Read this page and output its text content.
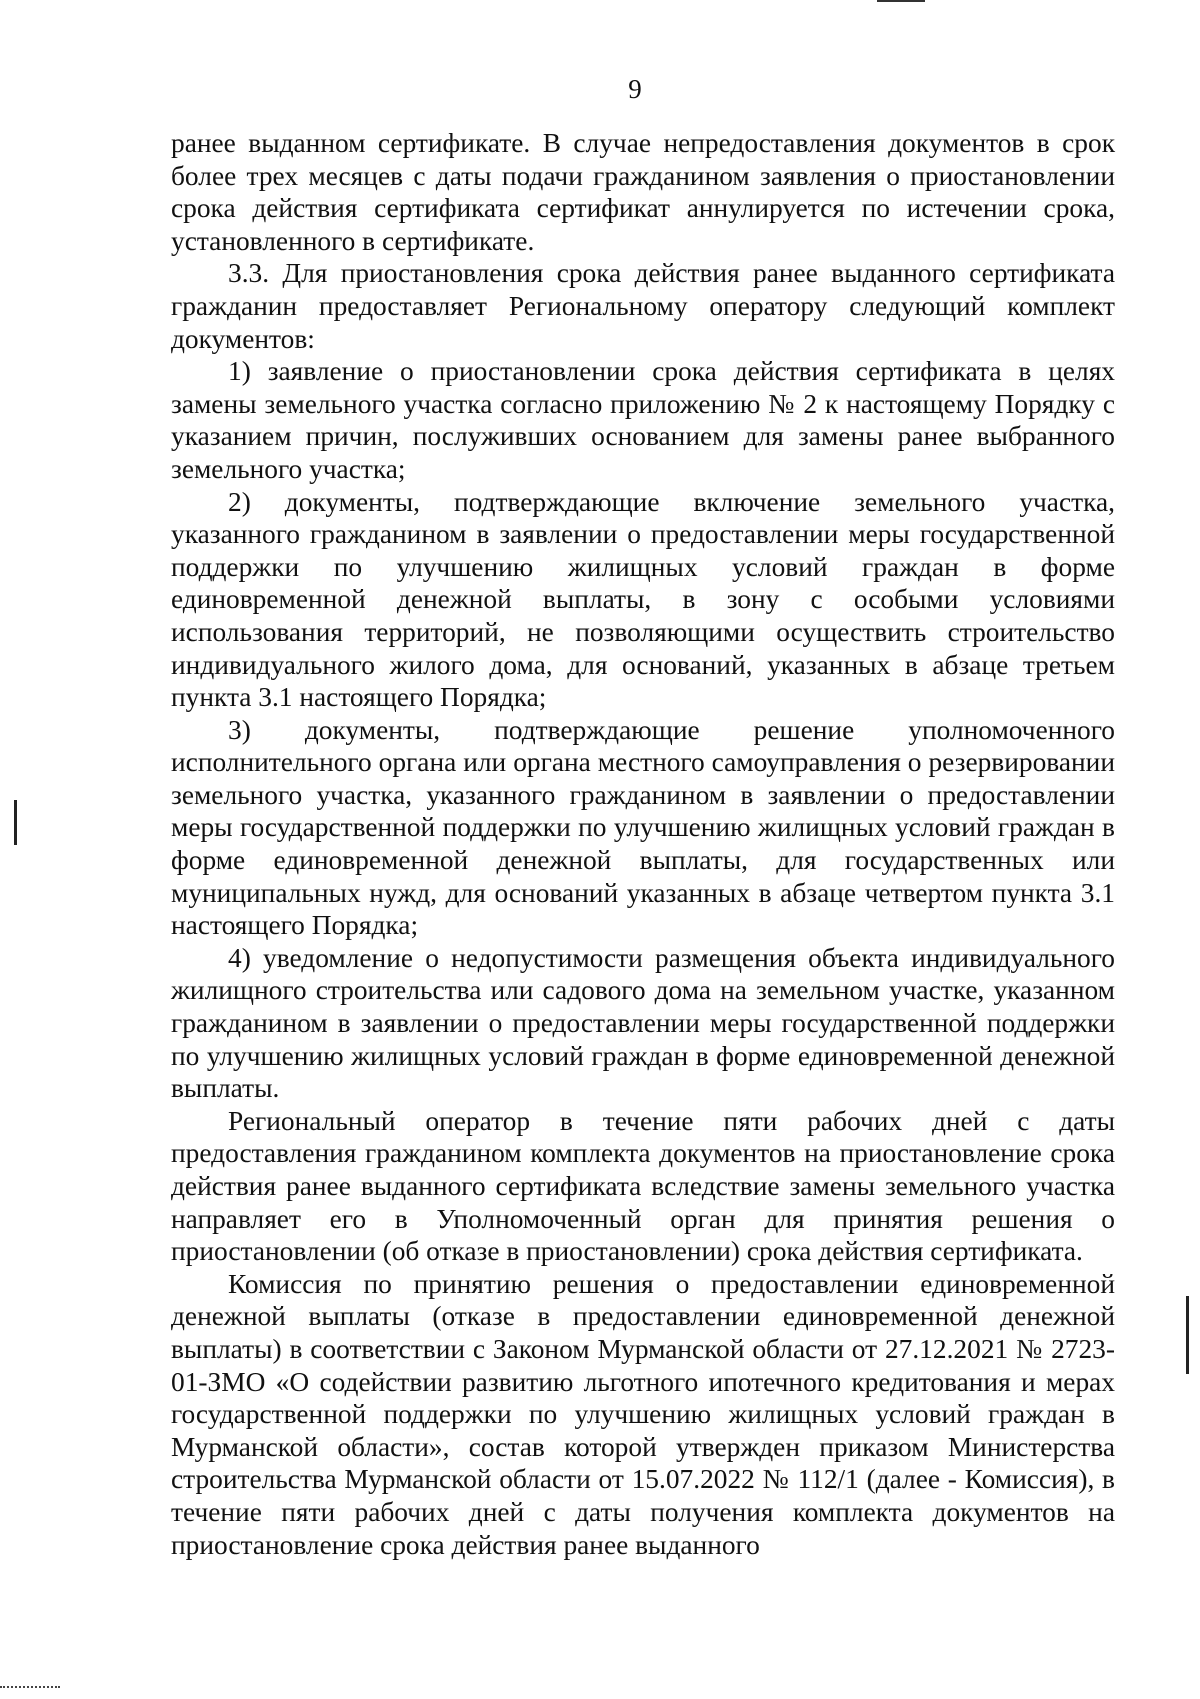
9

ранее выданном сертификате. В случае непредоставления документов в срок более трех месяцев с даты подачи гражданином заявления о приостановлении срока действия сертификата сертификат аннулируется по истечении срока, установленного в сертификате.

3.3. Для приостановления срока действия ранее выданного сертификата гражданин предоставляет Региональному оператору следующий комплект документов:

1) заявление о приостановлении срока действия сертификата в целях замены земельного участка согласно приложению № 2 к настоящему Порядку с указанием причин, послуживших основанием для замены ранее выбранного земельного участка;

2) документы, подтверждающие включение земельного участка, указанного гражданином в заявлении о предоставлении меры государственной поддержки по улучшению жилищных условий граждан в форме единовременной денежной выплаты, в зону с особыми условиями использования территорий, не позволяющими осуществить строительство индивидуального жилого дома, для оснований, указанных в абзаце третьем пункта 3.1 настоящего Порядка;

3) документы, подтверждающие решение уполномоченного исполнительного органа или органа местного самоуправления о резервировании земельного участка, указанного гражданином в заявлении о предоставлении меры государственной поддержки по улучшению жилищных условий граждан в форме единовременной денежной выплаты, для государственных или муниципальных нужд, для оснований указанных в абзаце четвертом пункта 3.1 настоящего Порядка;

4) уведомление о недопустимости размещения объекта индивидуального жилищного строительства или садового дома на земельном участке, указанном гражданином в заявлении о предоставлении меры государственной поддержки по улучшению жилищных условий граждан в форме единовременной денежной выплаты.

Региональный оператор в течение пяти рабочих дней с даты предоставления гражданином комплекта документов на приостановление срока действия ранее выданного сертификата вследствие замены земельного участка направляет его в Уполномоченный орган для принятия решения о приостановлении (об отказе в приостановлении) срока действия сертификата.

Комиссия по принятию решения о предоставлении единовременной денежной выплаты (отказе в предоставлении единовременной денежной выплаты) в соответствии с Законом Мурманской области от 27.12.2021 № 2723-01-ЗМО «О содействии развитию льготного ипотечного кредитования и мерах государственной поддержки по улучшению жилищных условий граждан в Мурманской области», состав которой утвержден приказом Министерства строительства Мурманской области от 15.07.2022 № 112/1 (далее - Комиссия), в течение пяти рабочих дней с даты получения комплекта документов на приостановление срока действия ранее выданного
